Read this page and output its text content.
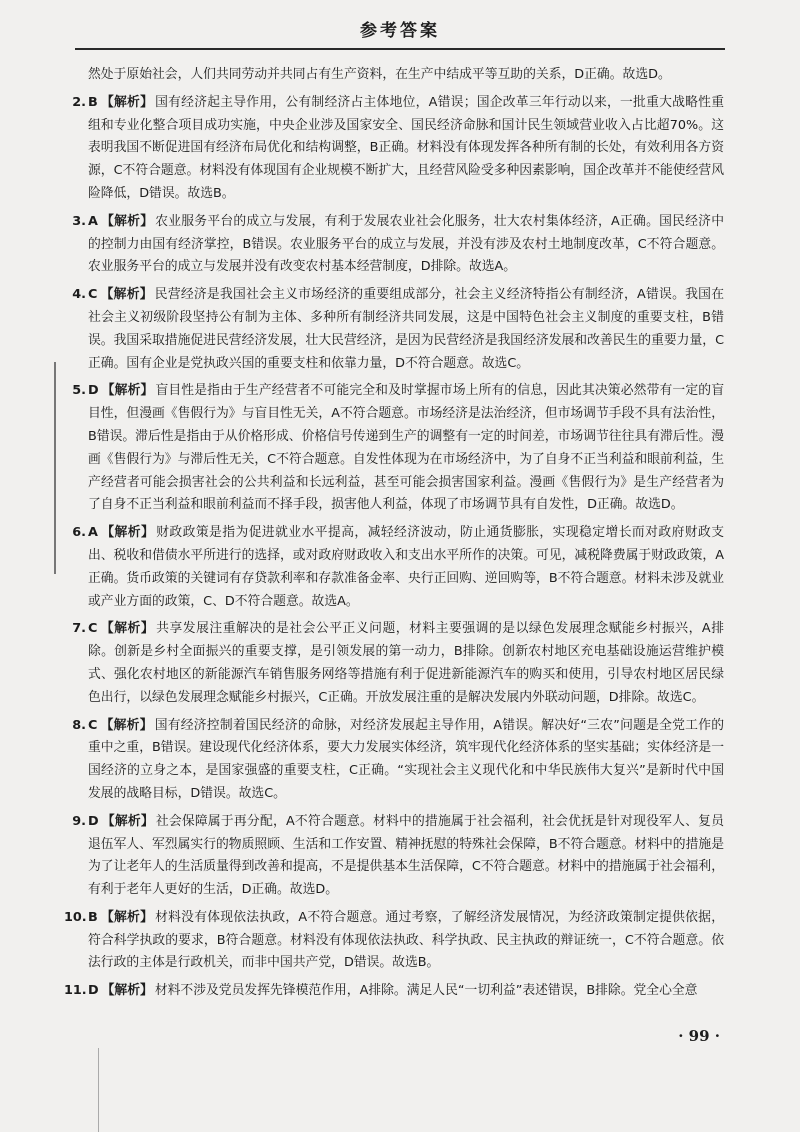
参考答案
然处于原始社会，人们共同劳动并共同占有生产资料，在生产中结成平等互助的关系，D正确。故选D。
2. B 【解析】 国有经济起主导作用，公有制经济占主体地位，A错误；国企改革三年行动以来，一批重大战略性重组和专业化整合项目成功实施，中央企业涉及国家安全、国民经济命脉和国计民生领域营业收入占比超70%。这表明我国不断促进国有经济布局优化和结构调整，B正确。材料没有体现发挥各种所有制的长处，有效利用各方资源，C不符合题意。材料没有体现国有企业规模不断扩大，且经营风险受多种因素影响，国企改革并不能使经营风险降低，D错误。故选B。
3. A 【解析】 农业服务平台的成立与发展，有利于发展农业社会化服务，壮大农村集体经济，A正确。国民经济中的控制力由国有经济掌控，B错误。农业服务平台的成立与发展，并没有涉及农村土地制度改革，C不符合题意。农业服务平台的成立与发展并没有改变农村基本经营制度，D排除。故选A。
4. C 【解析】 民营经济是我国社会主义市场经济的重要组成部分，社会主义经济特指公有制经济，A错误。我国在社会主义初级阶段坚持公有制为主体、多种所有制经济共同发展，这是中国特色社会主义制度的重要支柱，B错误。我国采取措施促进民营经济发展，壮大民营经济，是因为民营经济是我国经济发展和改善民生的重要力量，C正确。国有企业是党执政兴国的重要支柱和依靠力量，D不符合题意。故选C。
5. D 【解析】 盲目性是指由于生产经营者不可能完全和及时掌握市场上所有的信息，因此其决策必然带有一定的盲目性，但漫画《售假行为》与盲目性无关，A不符合题意。市场经济是法治经济，但市场调节手段不具有法治性，B错误。滞后性是指由于从价格形成、价格信号传递到生产的调整有一定的时间差，市场调节往往具有滞后性。漫画《售假行为》与滞后性无关，C不符合题意。自发性体现为在市场经济中，为了自身不正当利益和眼前利益，生产经营者可能会损害社会的公共利益和长远利益，甚至可能会损害国家利益。漫画《售假行为》是生产经营者为了自身不正当利益和眼前利益而不择手段，损害他人利益，体现了市场调节具有自发性，D正确。故选D。
6. A 【解析】 财政政策是指为促进就业水平提高，减轻经济波动，防止通货膨胀，实现稳定增长而对政府财政支出、税收和借债水平所进行的选择，或对政府财政收入和支出水平所作的决策。可见，减税降费属于财政政策，A正确。货币政策的关键词有存贷款利率和存款准备金率、央行正回购、逆回购等，B不符合题意。材料未涉及就业或产业方面的政策，C、D不符合题意。故选A。
7. C 【解析】 共享发展注重解决的是社会公平正义问题，材料主要强调的是以绿色发展理念赋能乡村振兴，A排除。创新是乡村全面振兴的重要支撑，是引领发展的第一动力，B排除。创新农村地区充电基础设施运营维护模式、强化农村地区的新能源汽车销售服务网络等措施有利于促进新能源汽车的购买和使用，引导农村地区居民绿色出行，以绿色发展理念赋能乡村振兴，C正确。开放发展注重的是解决发展内外联动问题，D排除。故选C。
8. C 【解析】 国有经济控制着国民经济的命脉，对经济发展起主导作用，A错误。解决好“三农”问题是全党工作的重中之重，B错误。建设现代化经济体系，要大力发展实体经济，筑牢现代化经济体系的坚实基础；实体经济是一国经济的立身之本，是国家强盛的重要支柱，C正确。“实现社会主义现代化和中华民族伟大复兴”是新时代中国发展的战略目标，D错误。故选C。
9. D 【解析】 社会保障属于再分配，A不符合题意。材料中的措施属于社会福利，社会优抚是针对现役军人、复员退伍军人、军烈属实行的物质照顾、生活和工作安置、精神抚慰的特殊社会保障，B不符合题意。材料中的措施是为了让老年人的生活质量得到改善和提高，不是提供基本生活保障，C不符合题意。材料中的措施属于社会福利，有利于老年人更好的生活，D正确。故选D。
10. B 【解析】 材料没有体现依法执政，A不符合题意。通过考察，了解经济发展情况，为经济政策制定提供依据，符合科学执政的要求，B符合题意。材料没有体现依法执政、科学执政、民主执政的辩证统一，C不符合题意。依法行政的主体是行政机关，而非中国共产党，D错误。故选B。
11. D 【解析】 材料不涉及党员发挥先锋模范作用，A排除。满足人民“一切利益”表述错误，B排除。党全心全意
· 99 ·
